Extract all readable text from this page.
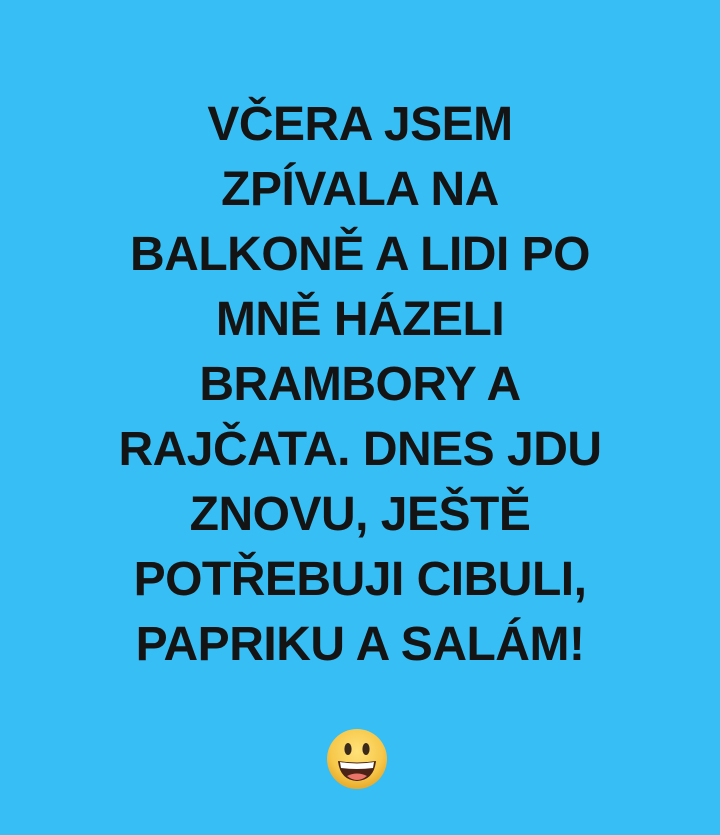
VČERA JSEM
ZPÍVALA NA
BALKONĚ A LIDI PO
MNĚ HÁZELI
BRAMBORY A
RAJČATA. DNES JDU
ZNOVU, JEŠTĚ
POTŘEBUJI CIBULI,
PAPRIKU A SALÁM!
